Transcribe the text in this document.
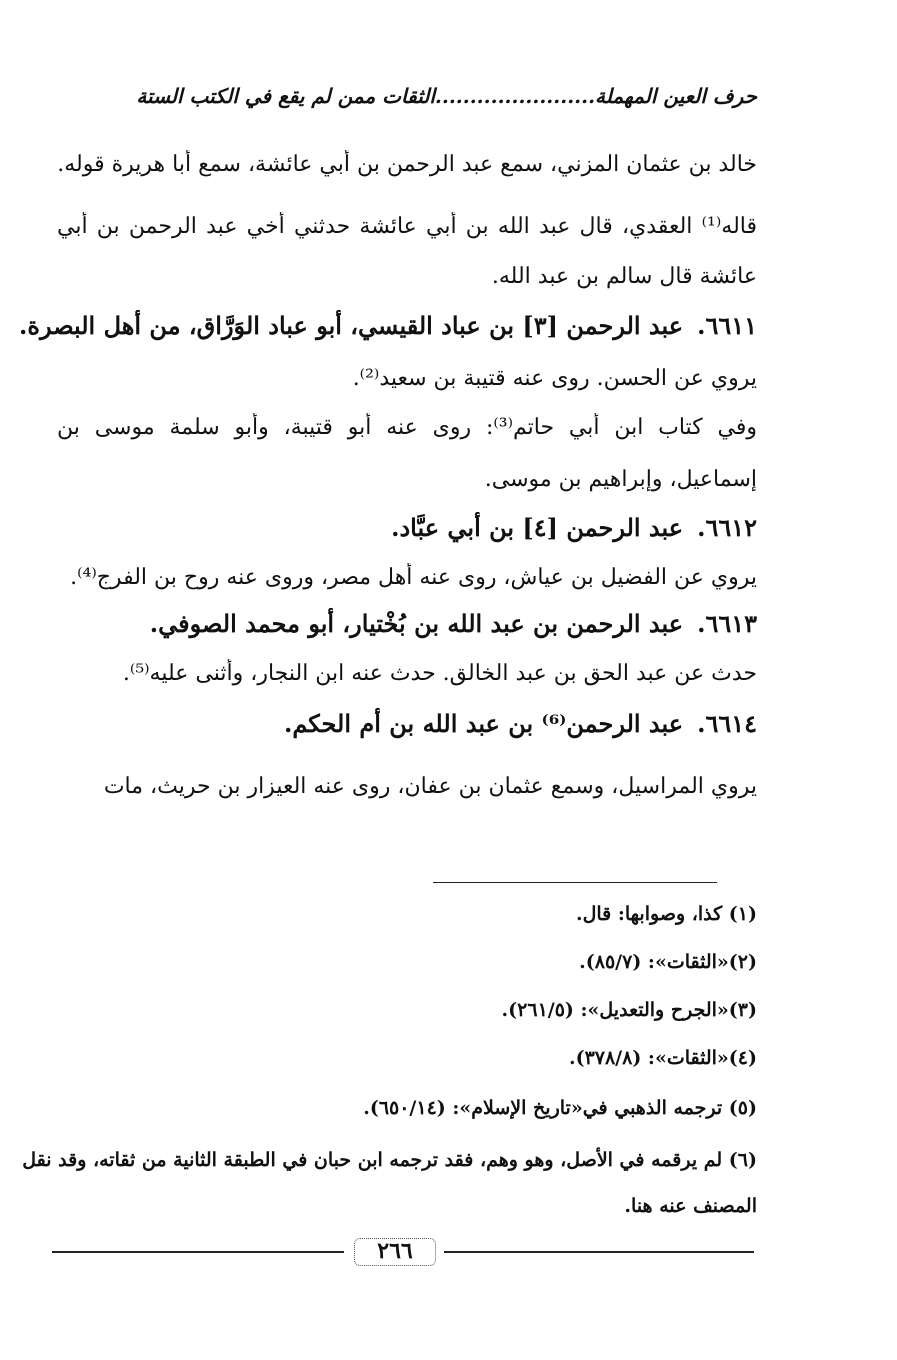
حرف العين المهملة.......................الثقات ممن لم يقع في الكتب الستة
خالد بن عثمان المزني، سمع عبد الرحمن بن أبي عائشة، سمع أبا هريرة قوله.
قاله⁽¹⁾ العقدي، قال عبد الله بن أبي عائشة حدثني أخي عبد الرحمن بن أبي
عائشة قال سالم بن عبد الله.
٦٦١١.عبد الرحمن [٣] بن عباد القيسي، أبو عباد الوَرَّاق، من أهل البصرة.
يروي عن الحسن. روى عنه قتيبة بن سعيد⁽²⁾.
وفي كتاب ابن أبي حاتم⁽³⁾: روى عنه أبو قتيبة، وأبو سلمة موسى بن
إسماعيل، وإبراهيم بن موسى.
٦٦١٢.عبد الرحمن [٤] بن أبي عبَّاد.
يروي عن الفضيل بن عياش، روى عنه أهل مصر، وروى عنه روح بن الفرج⁽⁴⁾.
٦٦١٣.عبد الرحمن بن عبد الله بن بُخْتيار، أبو محمد الصوفي.
حدث عن عبد الحق بن عبد الخالق. حدث عنه ابن النجار، وأثنى عليه⁽⁵⁾.
٦٦١٤.عبد الرحمن⁽⁶⁾ بن عبد الله بن أم الحكم.
يروي المراسيل، وسمع عثمان بن عفان، روى عنه العيزار بن حريث، مات
(١) كذا، وصوابها: قال.
(٢)«الثقات»: (٨٥/٧).
(٣)«الجرح والتعديل»: (٢٦١/٥).
(٤)«الثقات»: (٣٧٨/٨).
(٥) ترجمه الذهبي في«تاريخ الإسلام»: (٦٥٠/١٤).
(٦) لم يرقمه في الأصل، وهو وهم، فقد ترجمه ابن حبان في الطبقة الثانية من ثقاته، وقد نقل
المصنف عنه هنا.
٢٦٦
